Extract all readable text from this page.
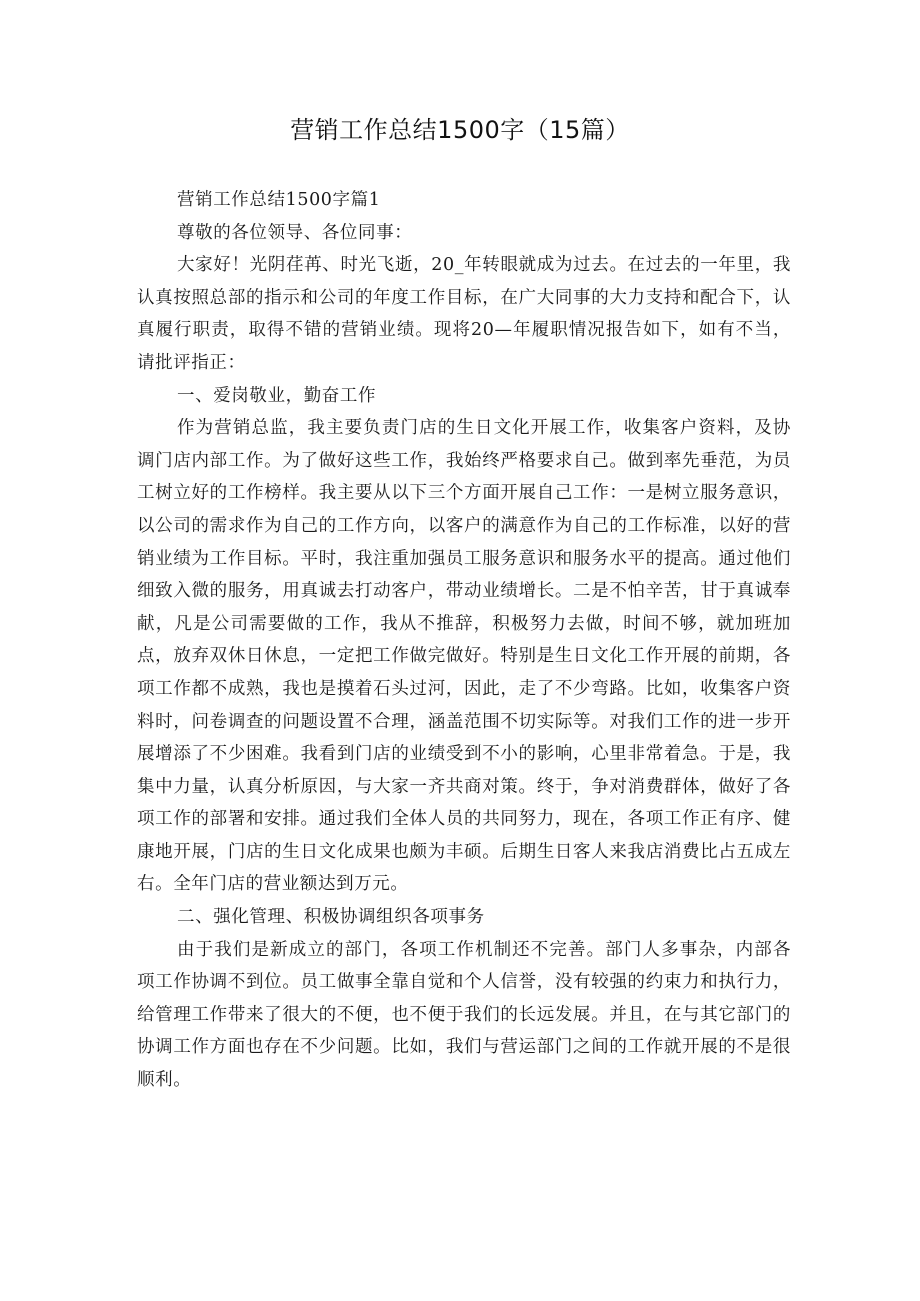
营销工作总结1500字（15篇）

营销工作总结1500字篇1

尊敬的各位领导、各位同事：

大家好！光阴荏苒、时光飞逝，20_年转眼就成为过去。在过去的一年里，我认真按照总部的指示和公司的年度工作目标，在广大同事的大力支持和配合下，认真履行职责，取得不错的营销业绩。现将20—年履职情况报告如下，如有不当，请批评指正：

一、爱岗敬业，勤奋工作

作为营销总监，我主要负责门店的生日文化开展工作，收集客户资料，及协调门店内部工作。为了做好这些工作，我始终严格要求自己。做到率先垂范，为员工树立好的工作榜样。我主要从以下三个方面开展自己工作：一是树立服务意识，以公司的需求作为自己的工作方向，以客户的满意作为自己的工作标准，以好的营销业绩为工作目标。平时，我注重加强员工服务意识和服务水平的提高。通过他们细致入微的服务，用真诚去打动客户，带动业绩增长。二是不怕辛苦，甘于真诚奉献，凡是公司需要做的工作，我从不推辞，积极努力去做，时间不够，就加班加点，放弃双休日休息，一定把工作做完做好。特别是生日文化工作开展的前期，各项工作都不成熟，我也是摸着石头过河，因此，走了不少弯路。比如，收集客户资料时，问卷调查的问题设置不合理，涵盖范围不切实际等。对我们工作的进一步开展增添了不少困难。我看到门店的业绩受到不小的影响，心里非常着急。于是，我集中力量，认真分析原因，与大家一齐共商对策。终于，争对消费群体，做好了各项工作的部署和安排。通过我们全体人员的共同努力，现在，各项工作正有序、健康地开展，门店的生日文化成果也颇为丰硕。后期生日客人来我店消费比占五成左右。全年门店的营业额达到万元。

二、强化管理、积极协调组织各项事务

由于我们是新成立的部门，各项工作机制还不完善。部门人多事杂，内部各项工作协调不到位。员工做事全靠自觉和个人信誉，没有较强的约束力和执行力，给管理工作带来了很大的不便，也不便于我们的长远发展。并且，在与其它部门的协调工作方面也存在不少问题。比如，我们与营运部门之间的工作就开展的不是很顺利。
